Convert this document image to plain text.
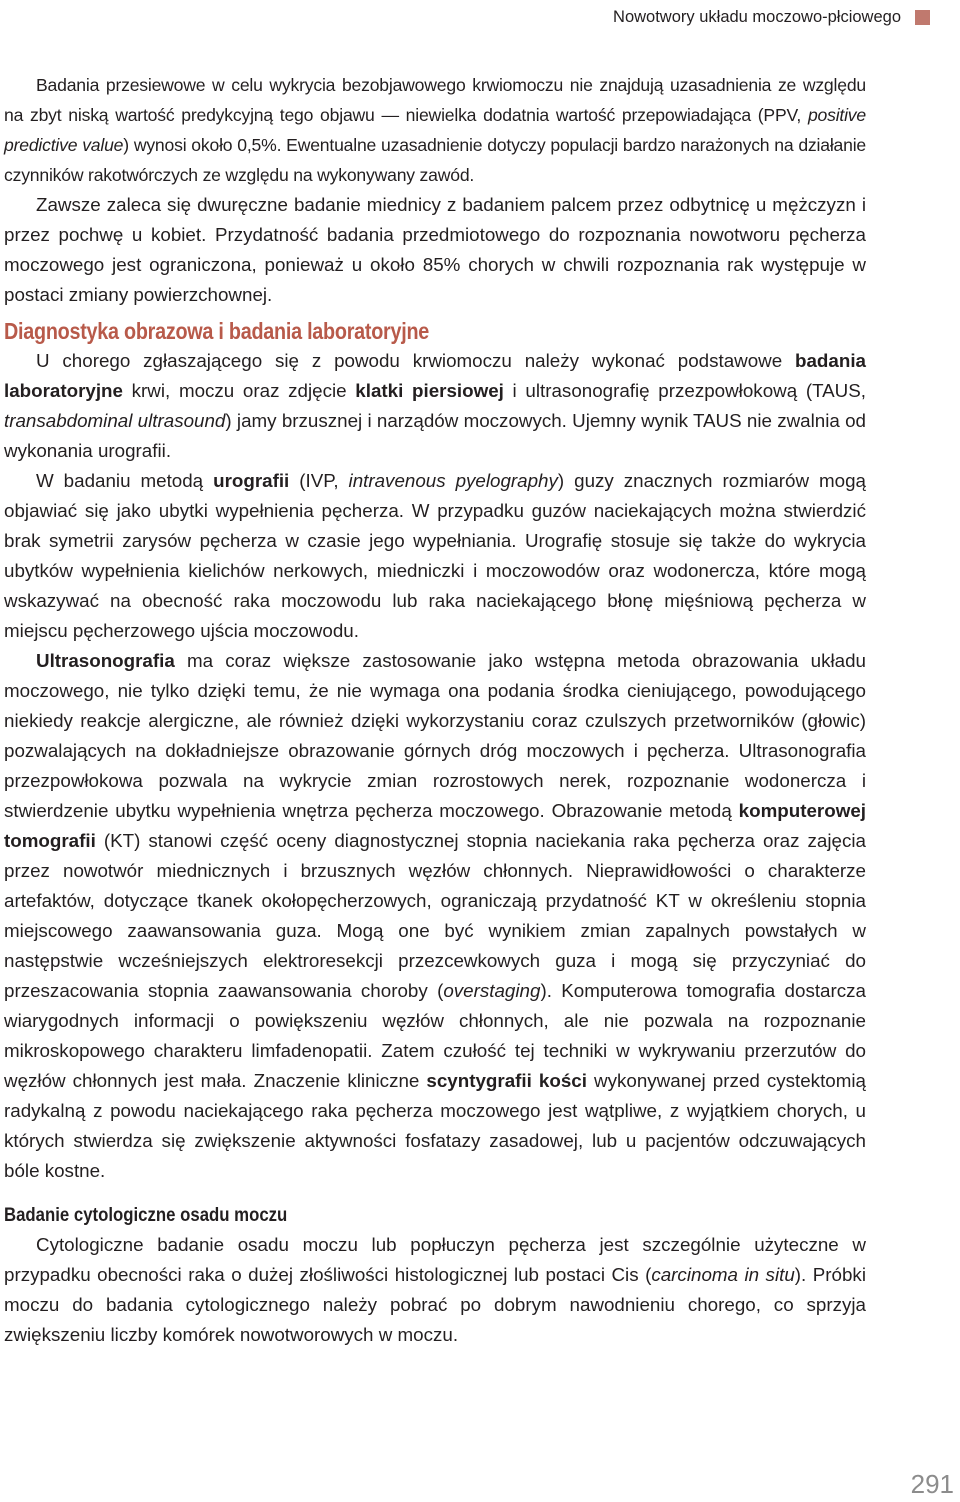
Nowotwory układu moczowo-płciowego

Badania przesiewowe w celu wykrycia bezobjawowego krwiomoczu nie znajdują uzasadnienia ze względu na zbyt niską wartość predykcyjną tego objawu — niewielka dodatnia wartość przepowiadająca (PPV, positive predictive value) wynosi około 0,5%. Ewentualne uzasadnienie dotyczy populacji bardzo narażonych na działanie czynników rakotwórczych ze względu na wykonywany zawód.

Zawsze zaleca się dwuręczne badanie miednicy z badaniem palcem przez odbytnicę u mężczyzn i przez pochwę u kobiet. Przydatność badania przedmiotowego do rozpoznania nowotworu pęcherza moczowego jest ograniczona, ponieważ u około 85% chorych w chwili rozpoznania rak występuje w postaci zmiany powierzchownej.

Diagnostyka obrazowa i badania laboratoryjne

U chorego zgłaszającego się z powodu krwiomoczu należy wykonać podstawowe badania laboratoryjne krwi, moczu oraz zdjęcie klatki piersiowej i ultrasonografię przezpowłokową (TAUS, transabdominal ultrasound) jamy brzusznej i narządów moczowych. Ujemny wynik TAUS nie zwalnia od wykonania urografii.

W badaniu metodą urografii (IVP, intravenous pyelography) guzy znacznych rozmiarów mogą objawiać się jako ubytki wypełnienia pęcherza. W przypadku guzów naciekających można stwierdzić brak symetrii zarysów pęcherza w czasie jego wypełniania. Urografię stosuje się także do wykrycia ubytków wypełnienia kielichów nerkowych, miedniczki i moczowodów oraz wodonercza, które mogą wskazywać na obecność raka moczowodu lub raka naciekającego błonę mięśniową pęcherza w miejscu pęcherzowego ujścia moczowodu.

Ultrasonografia ma coraz większe zastosowanie jako wstępna metoda obrazowania układu moczowego, nie tylko dzięki temu, że nie wymaga ona podania środka cieniującego, powodującego niekiedy reakcje alergiczne, ale również dzięki wykorzystaniu coraz czulszych przetworników (głowic) pozwalających na dokładniejsze obrazowanie górnych dróg moczowych i pęcherza. Ultrasonografia przezpowłokowa pozwala na wykrycie zmian rozrostowych nerek, rozpoznanie wodonercza i stwierdzenie ubytku wypełnienia wnętrza pęcherza moczowego. Obrazowanie metodą komputerowej tomografii (KT) stanowi część oceny diagnostycznej stopnia naciekania raka pęcherza oraz zajęcia przez nowotwór miednicznych i brzusznych węzłów chłonnych. Nieprawidłowości o charakterze artefaktów, dotyczące tkanek okołopęcherzowych, ograniczają przydatność KT w określeniu stopnia miejscowego zaawansowania guza. Mogą one być wynikiem zmian zapalnych powstałych w następstwie wcześniejszych elektroresekcji przezcewkowych guza i mogą się przyczyniać do przeszacowania stopnia zaawansowania choroby (overstaging). Komputerowa tomografia dostarcza wiarygodnych informacji o powiększeniu węzłów chłonnych, ale nie pozwala na rozpoznanie mikroskopowego charakteru limfadenopatii. Zatem czułość tej techniki w wykrywaniu przerzutów do węzłów chłonnych jest mała. Znaczenie kliniczne scyntygrafii kości wykonywanej przed cystektomią radykalną z powodu naciekającego raka pęcherza moczowego jest wątpliwe, z wyjątkiem chorych, u których stwierdza się zwiększenie aktywności fosfatazy zasadowej, lub u pacjentów odczuwających bóle kostne.

Badanie cytologiczne osadu moczu

Cytologiczne badanie osadu moczu lub popłuczyn pęcherza jest szczególnie użyteczne w przypadku obecności raka o dużej złośliwości histologicznej lub postaci Cis (carcinoma in situ). Próbki moczu do badania cytologicznego należy pobrać po dobrym nawodnieniu chorego, co sprzyja zwiększeniu liczby komórek nowotworowych w moczu.

291
